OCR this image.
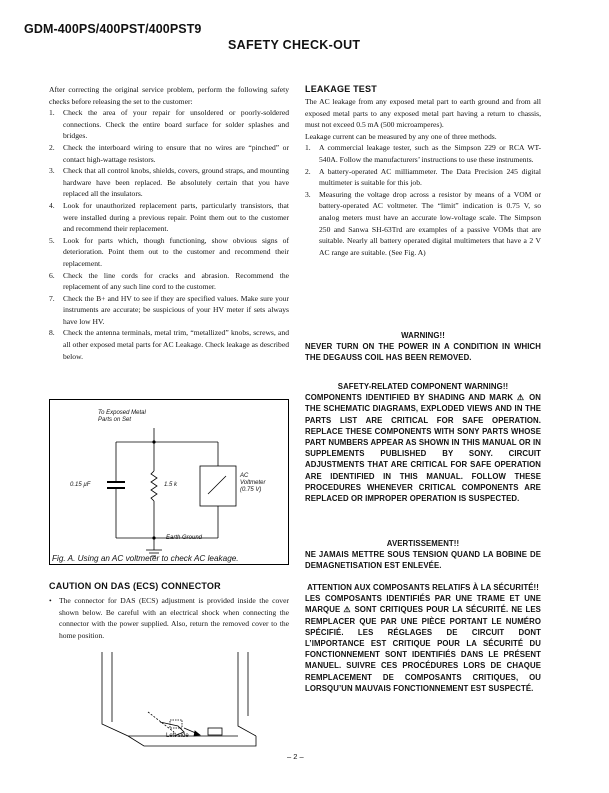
GDM-400PS/400PST/400PST9
SAFETY CHECK-OUT

After correcting the original service problem, perform the following safety checks before releasing the set to the customer:

1. Check the area of your repair for unsoldered or poorly-soldered connections. Check the entire board surface for solder splashes and bridges.
2. Check the interboard wiring to ensure that no wires are “pinched” or contact high-wattage resistors.
3. Check that all control knobs, shields, covers, ground straps, and mounting hardware have been replaced. Be absolutely certain that you have replaced all the insulators.
4. Look for unauthorized replacement parts, particularly transistors, that were installed during a previous repair. Point them out to the customer and recommend their replacement.
5. Look for parts which, though functioning, show obvious signs of deterioration. Point them out to the customer and recommend their replacement.
6. Check the line cords for cracks and abrasion. Recommend the replacement of any such line cord to the customer.
7. Check the B+ and HV to see if they are specified values. Make sure your instruments are accurate; be suspicious of your HV meter if sets always have low HV.
8. Check the antenna terminals, metal trim, “metallized” knobs, screws, and all other exposed metal parts for AC Leakage. Check leakage as described below.
To Exposed Metal
Parts on Set
0.15 µF	1.5 k
AC
Voltmeter
(0.75 V)
Earth Ground
Fig. A. Using an AC voltmeter to check AC leakage.
CAUTION ON DAS (ECS) CONNECTOR
• The connector for DAS (ECS) adjustment is provided inside the cover shown below. Be careful with an electrical shock when connecting the connector with the power supplied. Also, return the removed cover to the home position.
Left side
LEAKAGE TEST

The AC leakage from any exposed metal part to earth ground and from all exposed metal parts to any exposed metal part having a return to chassis, must not exceed 0.5 mA (500 microamperes).

Leakage current can be measured by any one of three methods.

1. A commercial leakage tester, such as the Simpson 229 or RCA WT-540A. Follow the manufacturers’ instructions to use these instruments.
2. A battery-operated AC milliammeter. The Data Precision 245 digital multimeter is suitable for this job.
3. Measuring the voltage drop across a resistor by means of a VOM or battery-operated AC voltmeter. The “limit” indication is 0.75 V, so analog meters must have an accurate low-voltage scale. The Simpson 250 and Sanwa SH-63Trd are examples of a passive VOMs that are suitable. Nearly all battery operated digital multimeters that have a 2 V AC range are suitable. (See Fig. A)
WARNING!!
NEVER TURN ON THE POWER IN A CONDITION IN WHICH THE DEGAUSS COIL HAS BEEN REMOVED.
SAFETY-RELATED COMPONENT WARNING!!
COMPONENTS IDENTIFIED BY SHADING AND MARK ⚠ ON THE SCHEMATIC DIAGRAMS, EXPLODED VIEWS AND IN THE PARTS LIST ARE CRITICAL FOR SAFE OPERATION. REPLACE THESE COMPONENTS WITH SONY PARTS WHOSE PART NUMBERS APPEAR AS SHOWN IN THIS MANUAL OR IN SUPPLEMENTS PUBLISHED BY SONY. CIRCUIT ADJUSTMENTS THAT ARE CRITICAL FOR SAFE OPERATION ARE IDENTIFIED IN THIS MANUAL. FOLLOW THESE PROCEDURES WHENEVER CRITICAL COMPONENTS ARE REPLACED OR IMPROPER OPERATION IS SUSPECTED.
AVERTISSEMENT!!
NE JAMAIS METTRE SOUS TENSION QUAND LA BOBINE DE DEMAGNETISATION EST ENLEVÉE.
ATTENTION AUX COMPOSANTS RELATIFS À LA SÉCURITÉ!!
LES COMPOSANTS IDENTIFIÉS PAR UNE TRAME ET UNE MARQUE ⚠ SONT CRITIQUES POUR LA SÉCURITÉ. NE LES REMPLACER QUE PAR UNE PIÈCE PORTANT LE NUMÉRO SPÉCIFIÉ. LES RÉGLAGES DE CIRCUIT DONT L’IMPORTANCE EST CRITIQUE POUR LA SÉCURITÉ DU FONCTIONNEMENT SONT IDENTIFIÉS DANS LE PRÉSENT MANUEL. SUIVRE CES PROCÉDURES LORS DE CHAQUE REMPLACEMENT DE COMPOSANTS CRITIQUES, OU LORSQU’UN MAUVAIS FONCTIONNEMENT EST SUSPECTÉ.
– 2 –
